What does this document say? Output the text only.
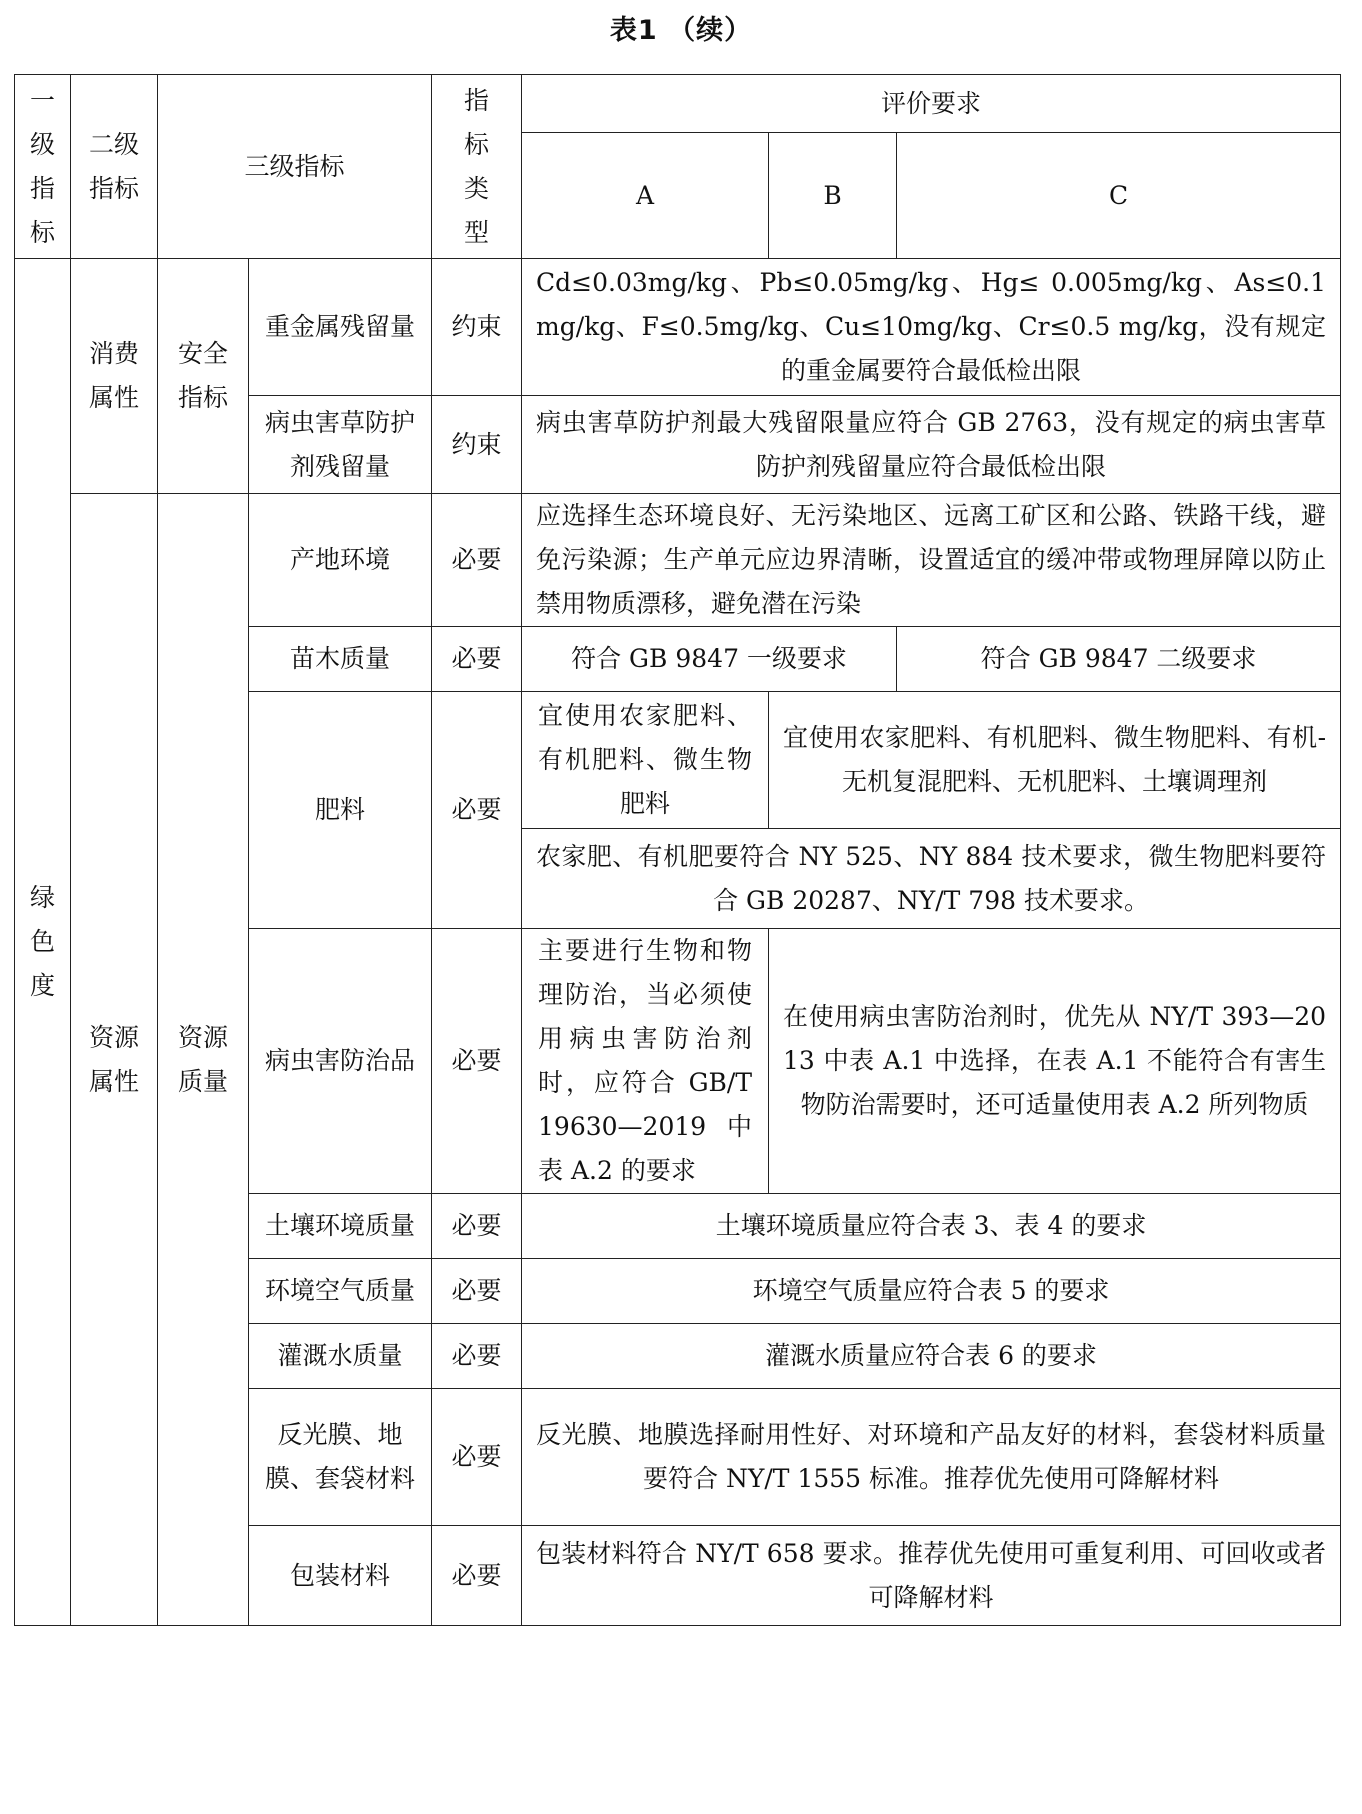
表1 （续）
一级指标	二级指标	三级指标		指标类型	评价要求		
					A	B	C
绿色度	消费属性	安全指标	重金属残留量	约束	Cd≤0.03mg/kg、Pb≤0.05mg/kg、Hg≤ 0.005mg/kg、As≤0.1 mg/kg、F≤0.5mg/kg、Cu≤10mg/kg、Cr≤0.5 mg/kg，没有规定的重金属要符合最低检出限		
			病虫害草防护剂残留量	约束	病虫害草防护剂最大残留限量应符合 GB 2763，没有规定的病虫害草防护剂残留量应符合最低检出限		
	资源属性	资源质量	产地环境	必要	应选择生态环境良好、无污染地区、远离工矿区和公路、铁路干线，避免污染源；生产单元应边界清晰，设置适宜的缓冲带或物理屏障以防止禁用物质漂移，避免潜在污染		
			苗木质量	必要	符合 GB 9847 一级要求		符合 GB 9847 二级要求
			肥料	必要	宜使用农家肥料、有机肥料、微生物肥料	宜使用农家肥料、有机肥料、微生物肥料、有机-无机复混肥料、无机肥料、土壤调理剂	
					农家肥、有机肥要符合 NY 525、NY 884 技术要求，微生物肥料要符合 GB 20287、NY/T 798 技术要求。		
			病虫害防治品	必要	主要进行生物和物理防治，当必须使用病虫害防治剂时，应符合 GB/T 19630—2019 中表 A.2 的要求	在使用病虫害防治剂时，优先从 NY/T 393—2013 中表 A.1 中选择，在表 A.1 不能符合有害生物防治需要时，还可适量使用表 A.2 所列物质	
			土壤环境质量	必要	土壤环境质量应符合表 3、表 4 的要求		
			环境空气质量	必要	环境空气质量应符合表 5 的要求		
			灌溉水质量	必要	灌溉水质量应符合表 6 的要求		
			反光膜、地膜、套袋材料	必要	反光膜、地膜选择耐用性好、对环境和产品友好的材料，套袋材料质量要符合 NY/T 1555 标准。推荐优先使用可降解材料		
			包装材料	必要	包装材料符合 NY/T 658 要求。推荐优先使用可重复利用、可回收或者可降解材料		
